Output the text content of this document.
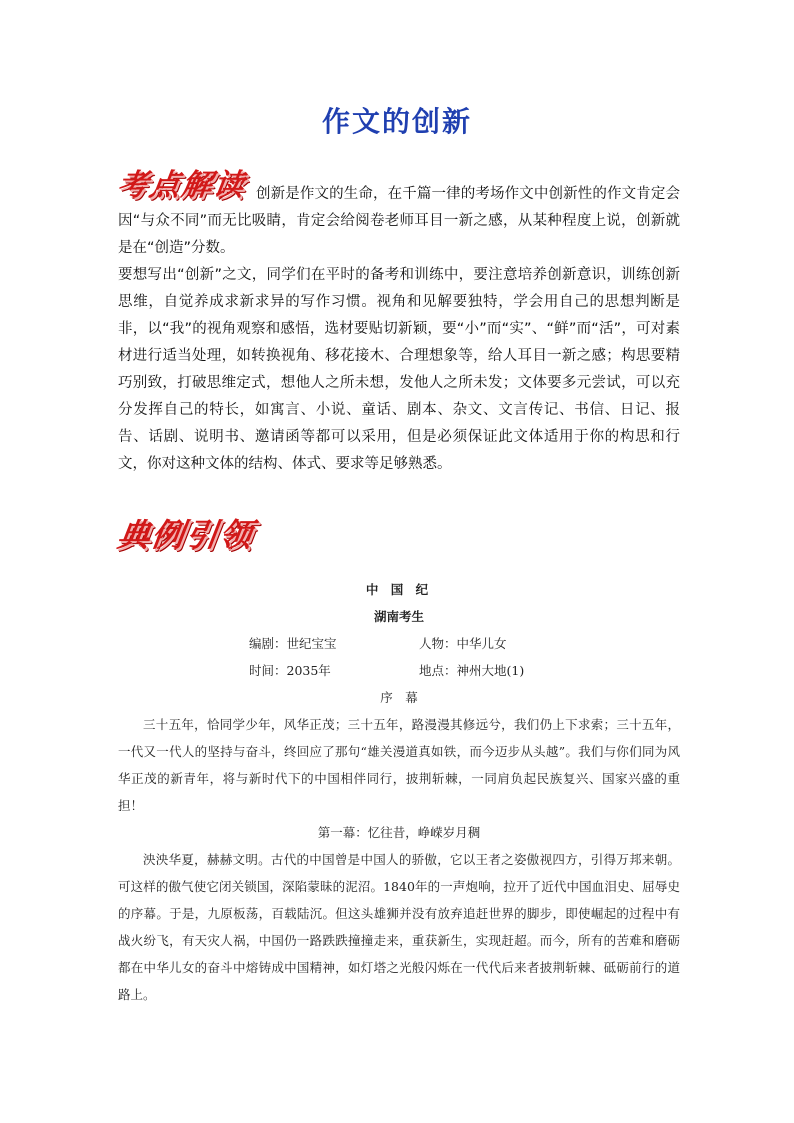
作文的创新
考点解读 创新是作文的生命，在千篇一律的考场作文中创新性的作文肯定会因“与众不同”而无比吸睛，肯定会给阅卷老师耳目一新之感，从某种程度上说，创新就是在“创造”分数。

要想写出“创新”之文，同学们在平时的备考和训练中，要注意培养创新意识，训练创新思维，自觉养成求新求异的写作习惯。视角和见解要独特，学会用自己的思想判断是非，以“我”的视角观察和感悟，选材要贴切新颖，要“小”而“实”、“鲜”而“活”，可对素材进行适当处理，如转换视角、移花接木、合理想象等，给人耳目一新之感；构思要精巧别致，打破思维定式，想他人之所未想，发他人之所未发；文体要多元尝试，可以充分发挥自己的特长，如寓言、小说、童话、剧本、杂文、文言传记、书信、日记、报告、话剧、说明书、邀请函等都可以采用，但是必须保证此文体适用于你的构思和行文，你对这种文体的结构、体式、要求等足够熟悉。

典例引领

中 国 纪

湖南考生

编剧：世纪宝宝	人物：中华儿女

时间：2035年	地点：神州大地(1)

序　幕

三十五年，恰同学少年，风华正茂；三十五年，路漫漫其修远兮，我们仍上下求索；三十五年，一代又一代人的坚持与奋斗，终回应了那句“雄关漫道真如铁，而今迈步从头越”。我们与你们同为风华正茂的新青年，将与新时代下的中国相伴同行，披荆斩棘，一同肩负起民族复兴、国家兴盛的重担！

第一幕：忆往昔，峥嵘岁月稠

泱泱华夏，赫赫文明。古代的中国曾是中国人的骄傲，它以王者之姿傲视四方，引得万邦来朝。可这样的傲气使它闭关锁国，深陷蒙昧的泥沼。1840年的一声炮响，拉开了近代中国血泪史、屈辱史的序幕。于是，九原板荡，百载陆沉。但这头雄狮并没有放弃追赶世界的脚步，即使崛起的过程中有战火纷飞，有天灾人祸，中国仍一路跌跌撞撞走来，重获新生，实现赶超。而今，所有的苦难和磨砺都在中华儿女的奋斗中熔铸成中国精神，如灯塔之光般闪烁在一代代后来者披荆斩棘、砥砺前行的道路上。
